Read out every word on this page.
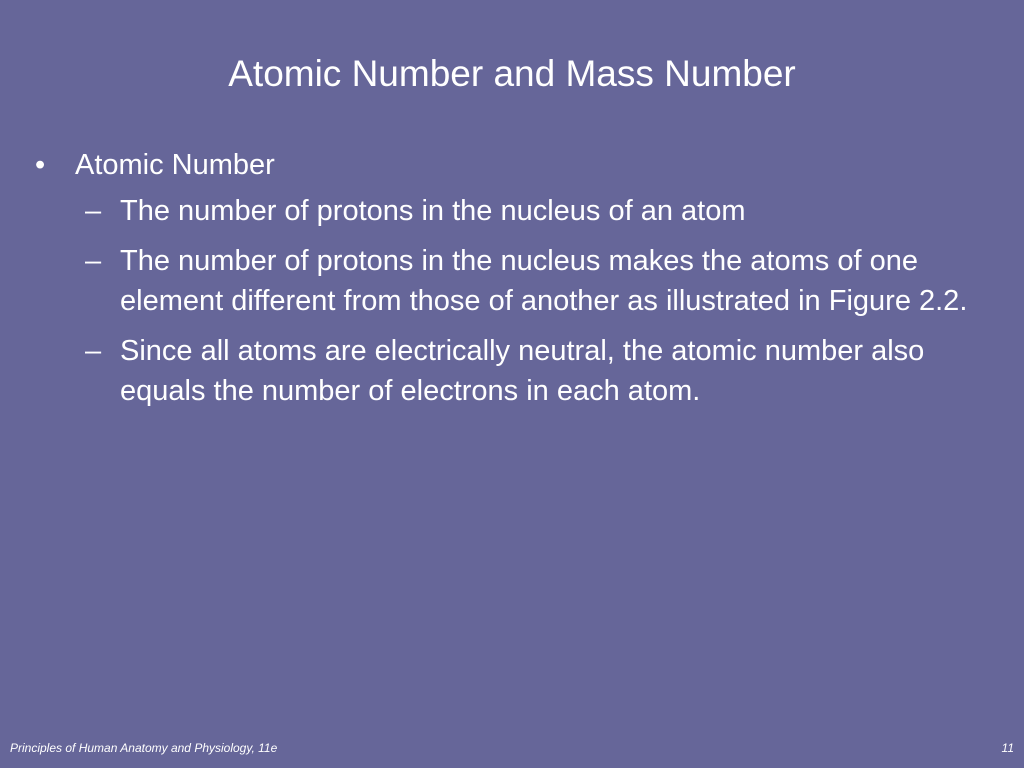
Atomic Number and Mass Number
• Atomic Number
– The number of protons in the nucleus of an atom
– The number of protons in the nucleus makes the atoms of one element different from those of another as illustrated in Figure 2.2.
– Since all atoms are electrically neutral, the atomic number also equals the number of electrons in each atom.
Principles of Human Anatomy and Physiology, 11e	11
